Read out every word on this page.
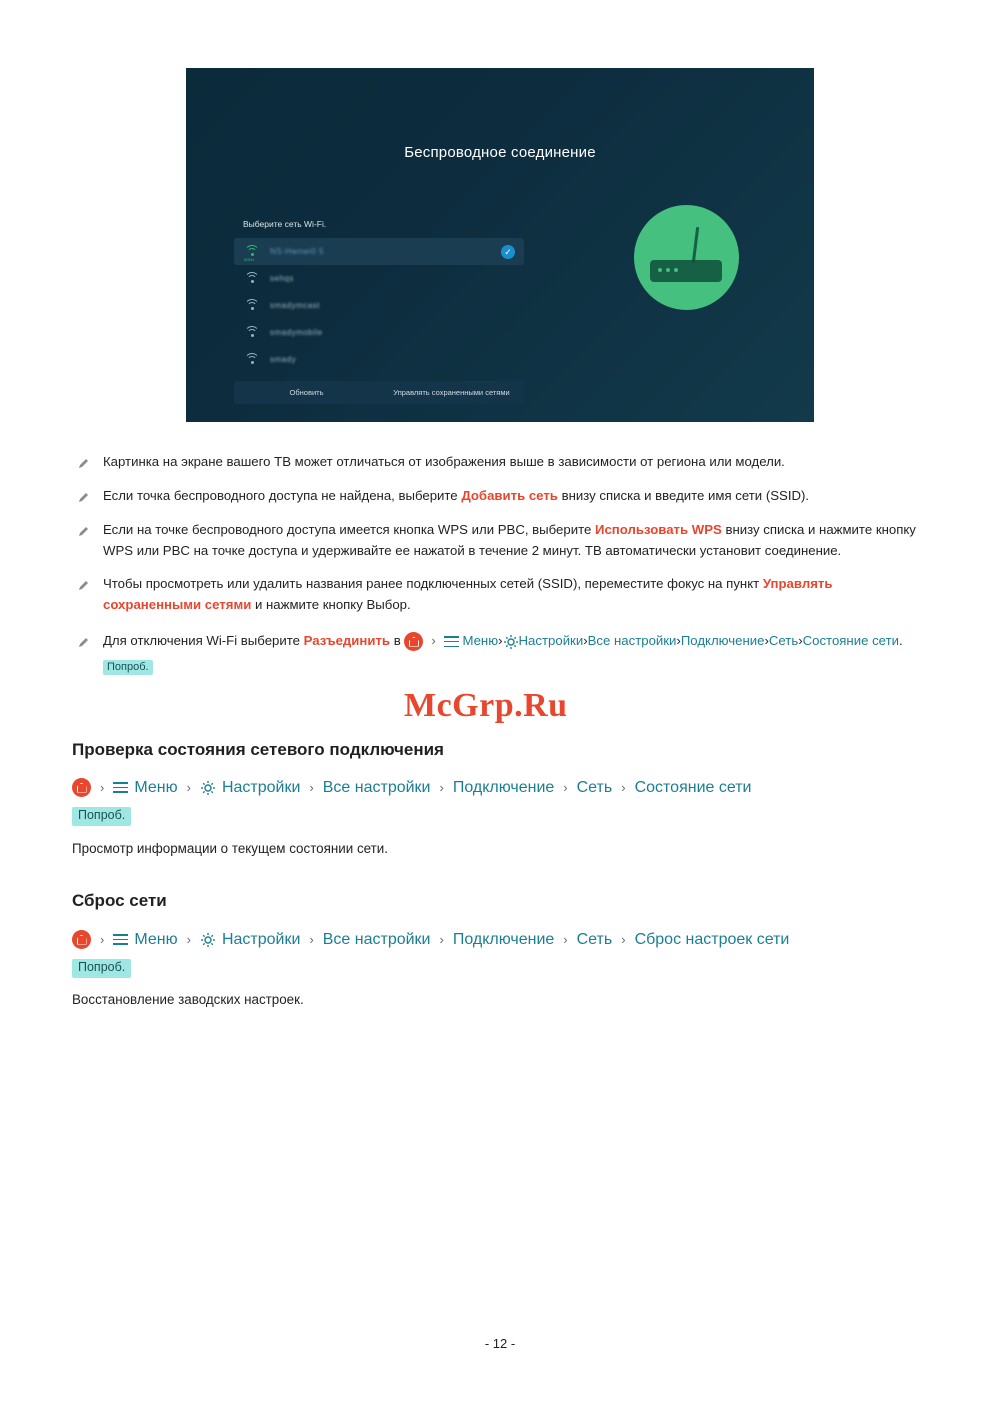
Беспроводное соединение
Выберите сеть Wi-Fi.
5GHz
NS-Hwnwi0 5	✓
sehqs
smadymcast
smadymobile
smady
Обновить	Управлять сохраненными сетями
Картинка на экране вашего ТВ может отличаться от изображения выше в зависимости от региона или модели.
Если точка беспроводного доступа не найдена, выберите Добавить сеть внизу списка и введите имя сети (SSID).
Если на точке беспроводного доступа имеется кнопка WPS или PBC, выберите Использовать WPS внизу списка и нажмите кнопку WPS или PBC на точке доступа и удерживайте ее нажатой в течение 2 минут. ТВ автоматически установит соединение.
Чтобы просмотреть или удалить названия ранее подключенных сетей (SSID), переместите фокус на пункт Управлять сохраненными сетями и нажмите кнопку Выбор.
Для отключения Wi-Fi выберите Разъединить в › Меню› Настройки›Все настройки›Подключение›Сеть›Состояние сети. Попроб.
McGrp.Ru
Проверка состояния сетевого подключения
› Меню › Настройки › Все настройки › Подключение › Сеть › Состояние сети
Попроб.

Просмотр информации о текущем состоянии сети.

Сброс сети
› Меню › Настройки › Все настройки › Подключение › Сеть › Сброс настроек сети
Попроб.

Восстановление заводских настроек.

- 12 -
